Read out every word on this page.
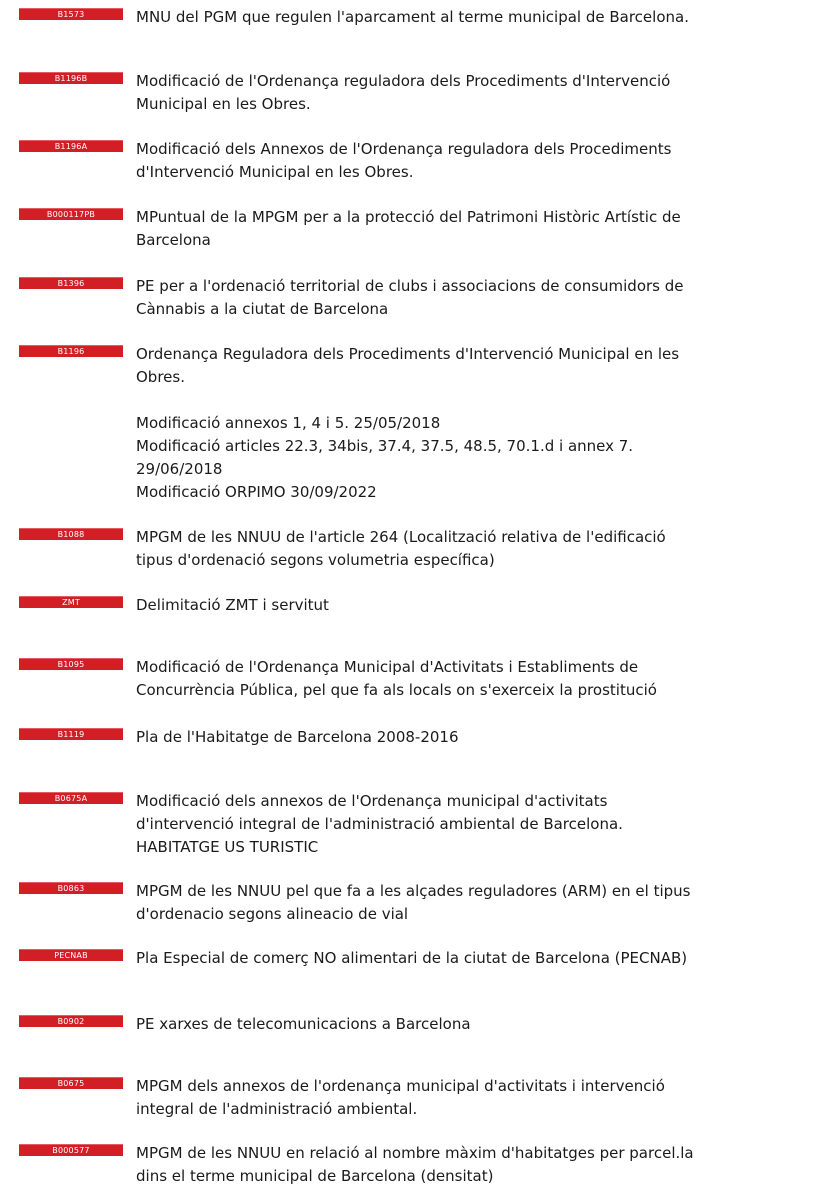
B1573	MNU del PGM que regulen l'aparcament al terme municipal de Barcelona.
B1196B	Modificació de l'Ordenança reguladora dels Procediments d'Intervenció
Municipal en les Obres.
B1196A	Modificació dels Annexos de l'Ordenança reguladora dels Procediments
d'Intervenció Municipal en les Obres.
B000117PB	MPuntual de la MPGM per a la protecció del Patrimoni Històric Artístic de
Barcelona
B1396	PE per a l'ordenació territorial de clubs i associacions de consumidors de
Cànnabis a la ciutat de Barcelona
B1196	Ordenança Reguladora dels Procediments d'Intervenció Municipal en les
Obres.

Modificació annexos 1, 4 i 5. 25/05/2018
Modificació articles 22.3, 34bis, 37.4, 37.5, 48.5, 70.1.d i annex 7.
29/06/2018
Modificació ORPIMO 30/09/2022
B1088	MPGM de les NNUU de l'article 264 (Localització relativa de l'edificació
tipus d'ordenació segons volumetria específica)
ZMT	Delimitació ZMT i servitut
B1095	Modificació de l'Ordenança Municipal d'Activitats i Establiments de
Concurrència Pública, pel que fa als locals on s'exerceix la prostitució
B1119	Pla de l'Habitatge de Barcelona 2008-2016
B0675A	Modificació dels annexos de l'Ordenança municipal d'activitats
d'intervenció integral de l'administració ambiental de Barcelona.
HABITATGE US TURISTIC
B0863	MPGM de les NNUU pel que fa a les alçades reguladores (ARM) en el tipus
d'ordenacio segons alineacio de vial
PECNAB	Pla Especial de comerç NO alimentari de la ciutat de Barcelona (PECNAB)
B0902	PE xarxes de telecomunicacions a Barcelona
B0675	MPGM dels annexos de l'ordenança municipal d'activitats i intervenció
integral de l'administració ambiental.
B000577	MPGM de les NNUU en relació al nombre màxim d'habitatges per parcel.la
dins el terme municipal de Barcelona (densitat)
